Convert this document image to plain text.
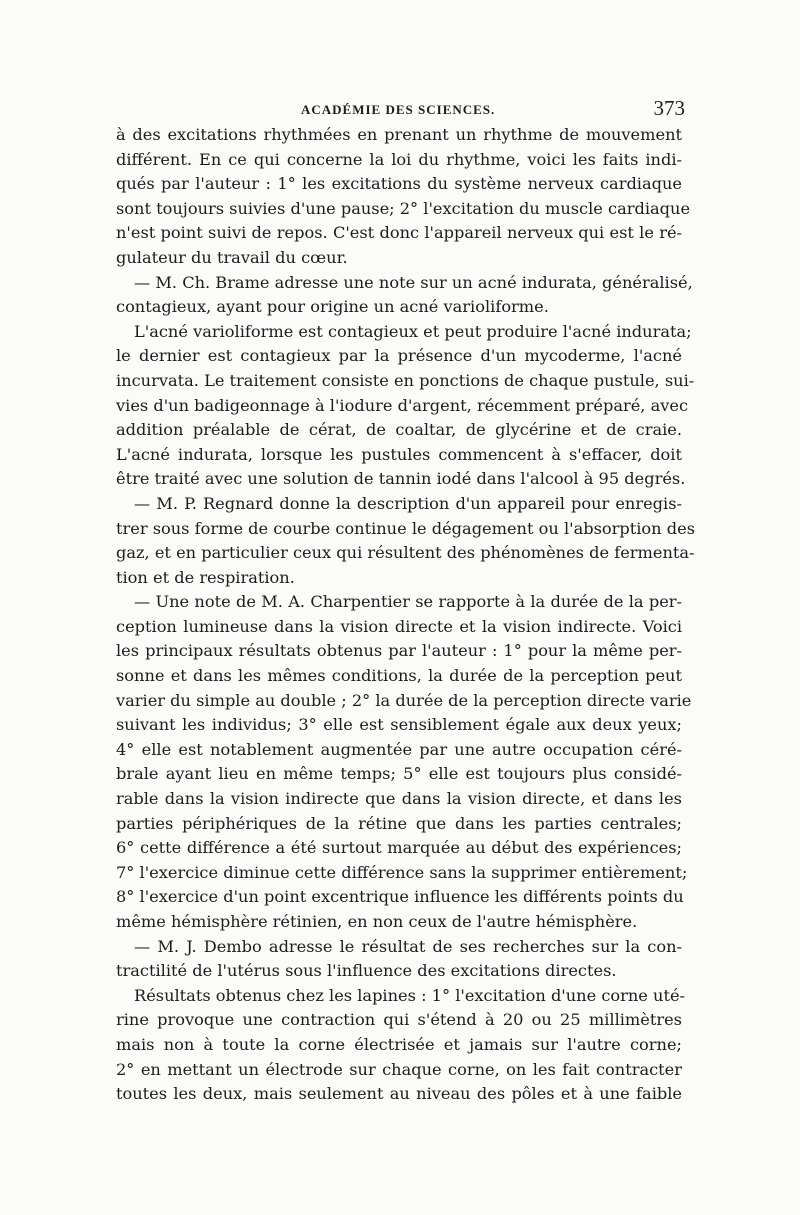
ACADÉMIE DES SCIENCES.	373
à des excitations rhythmées en prenant un rhythme de mouvement
différent. En ce qui concerne la loi du rhythme, voici les faits indi-
qués par l'auteur : 1° les excitations du système nerveux cardiaque
sont toujours suivies d'une pause; 2° l'excitation du muscle cardiaque
n'est point suivi de repos. C'est donc l'appareil nerveux qui est le ré-
gulateur du travail du cœur.
— M. Ch. Brame adresse une note sur un acné indurata, généralisé,
contagieux, ayant pour origine un acné varioliforme.
L'acné varioliforme est contagieux et peut produire l'acné indurata;
le dernier est contagieux par la présence d'un mycoderme, l'acné
incurvata. Le traitement consiste en ponctions de chaque pustule, sui-
vies d'un badigeonnage à l'iodure d'argent, récemment préparé, avec
addition préalable de cérat, de coaltar, de glycérine et de craie.
L'acné indurata, lorsque les pustules commencent à s'effacer, doit
être traité avec une solution de tannin iodé dans l'alcool à 95 degrés.
— M. P. Regnard donne la description d'un appareil pour enregis-
trer sous forme de courbe continue le dégagement ou l'absorption des
gaz, et en particulier ceux qui résultent des phénomènes de fermenta-
tion et de respiration.
— Une note de M. A. Charpentier se rapporte à la durée de la per-
ception lumineuse dans la vision directe et la vision indirecte. Voici
les principaux résultats obtenus par l'auteur : 1° pour la même per-
sonne et dans les mêmes conditions, la durée de la perception peut
varier du simple au double ; 2° la durée de la perception directe varie
suivant les individus; 3° elle est sensiblement égale aux deux yeux;
4° elle est notablement augmentée par une autre occupation céré-
brale ayant lieu en même temps; 5° elle est toujours plus considé-
rable dans la vision indirecte que dans la vision directe, et dans les
parties périphériques de la rétine que dans les parties centrales;
6° cette différence a été surtout marquée au début des expériences;
7° l'exercice diminue cette différence sans la supprimer entièrement;
8° l'exercice d'un point excentrique influence les différents points du
même hémisphère rétinien, en non ceux de l'autre hémisphère.
— M. J. Dembo adresse le résultat de ses recherches sur la con-
tractilité de l'utérus sous l'influence des excitations directes.
Résultats obtenus chez les lapines : 1° l'excitation d'une corne uté-
rine provoque une contraction qui s'étend à 20 ou 25 millimètres
mais non à toute la corne électrisée et jamais sur l'autre corne;
2° en mettant un électrode sur chaque corne, on les fait contracter
toutes les deux, mais seulement au niveau des pôles et à une faible
